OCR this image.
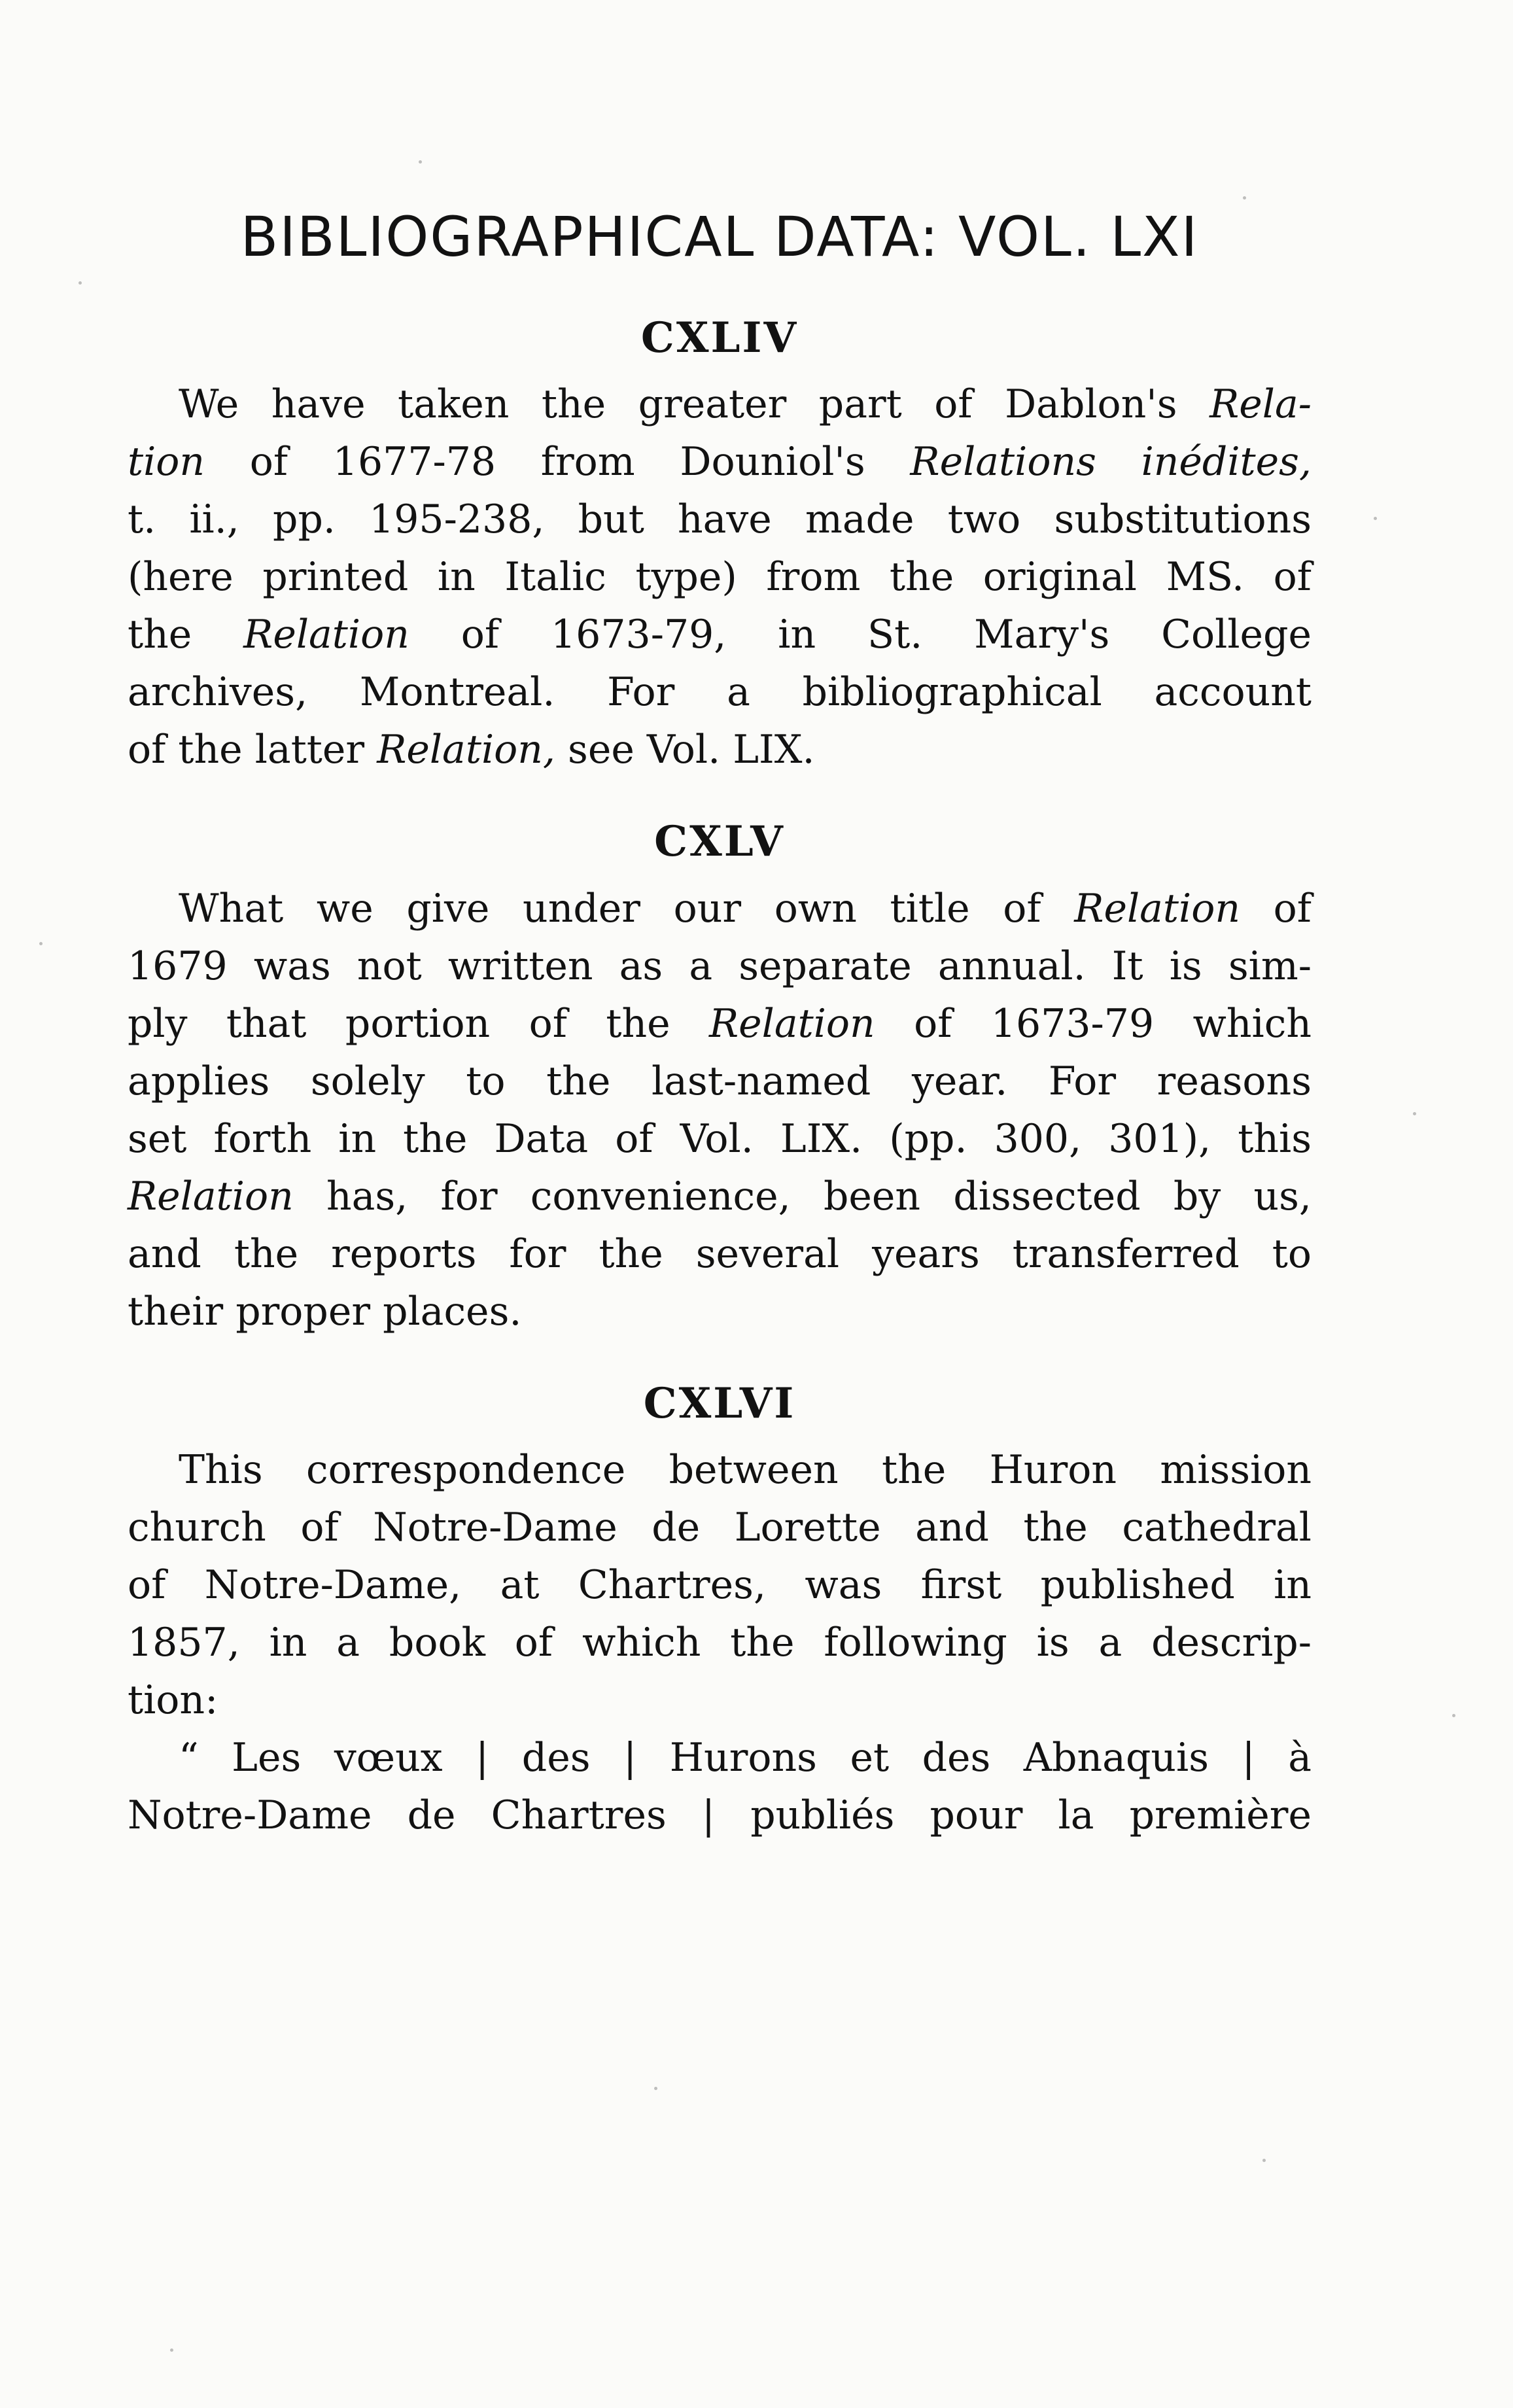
BIBLIOGRAPHICAL DATA: VOL. LXI
CXLIV

We have taken the greater part of Dablon's Rela-
tion of 1677-78 from Douniol's Relations inédites,
t. ii., pp. 195-238, but have made two substitutions
(here printed in Italic type) from the original MS. of
the Relation of 1673-79, in St. Mary's College
archives, Montreal. For a bibliographical account
of the latter Relation, see Vol. LIX.

CXLV

What we give under our own title of Relation of
1679 was not written as a separate annual. It is sim-
ply that portion of the Relation of 1673-79 which
applies solely to the last-named year. For reasons
set forth in the Data of Vol. LIX. (pp. 300, 301), this
Relation has, for convenience, been dissected by us,
and the reports for the several years transferred to
their proper places.

CXLVI

This correspondence between the Huron mission
church of Notre-Dame de Lorette and the cathedral
of Notre-Dame, at Chartres, was first published in
1857, in a book of which the following is a descrip-
tion:
“ Les vœux | des | Hurons et des Abnaquis | à
Notre-Dame de Chartres | publiés pour la première
